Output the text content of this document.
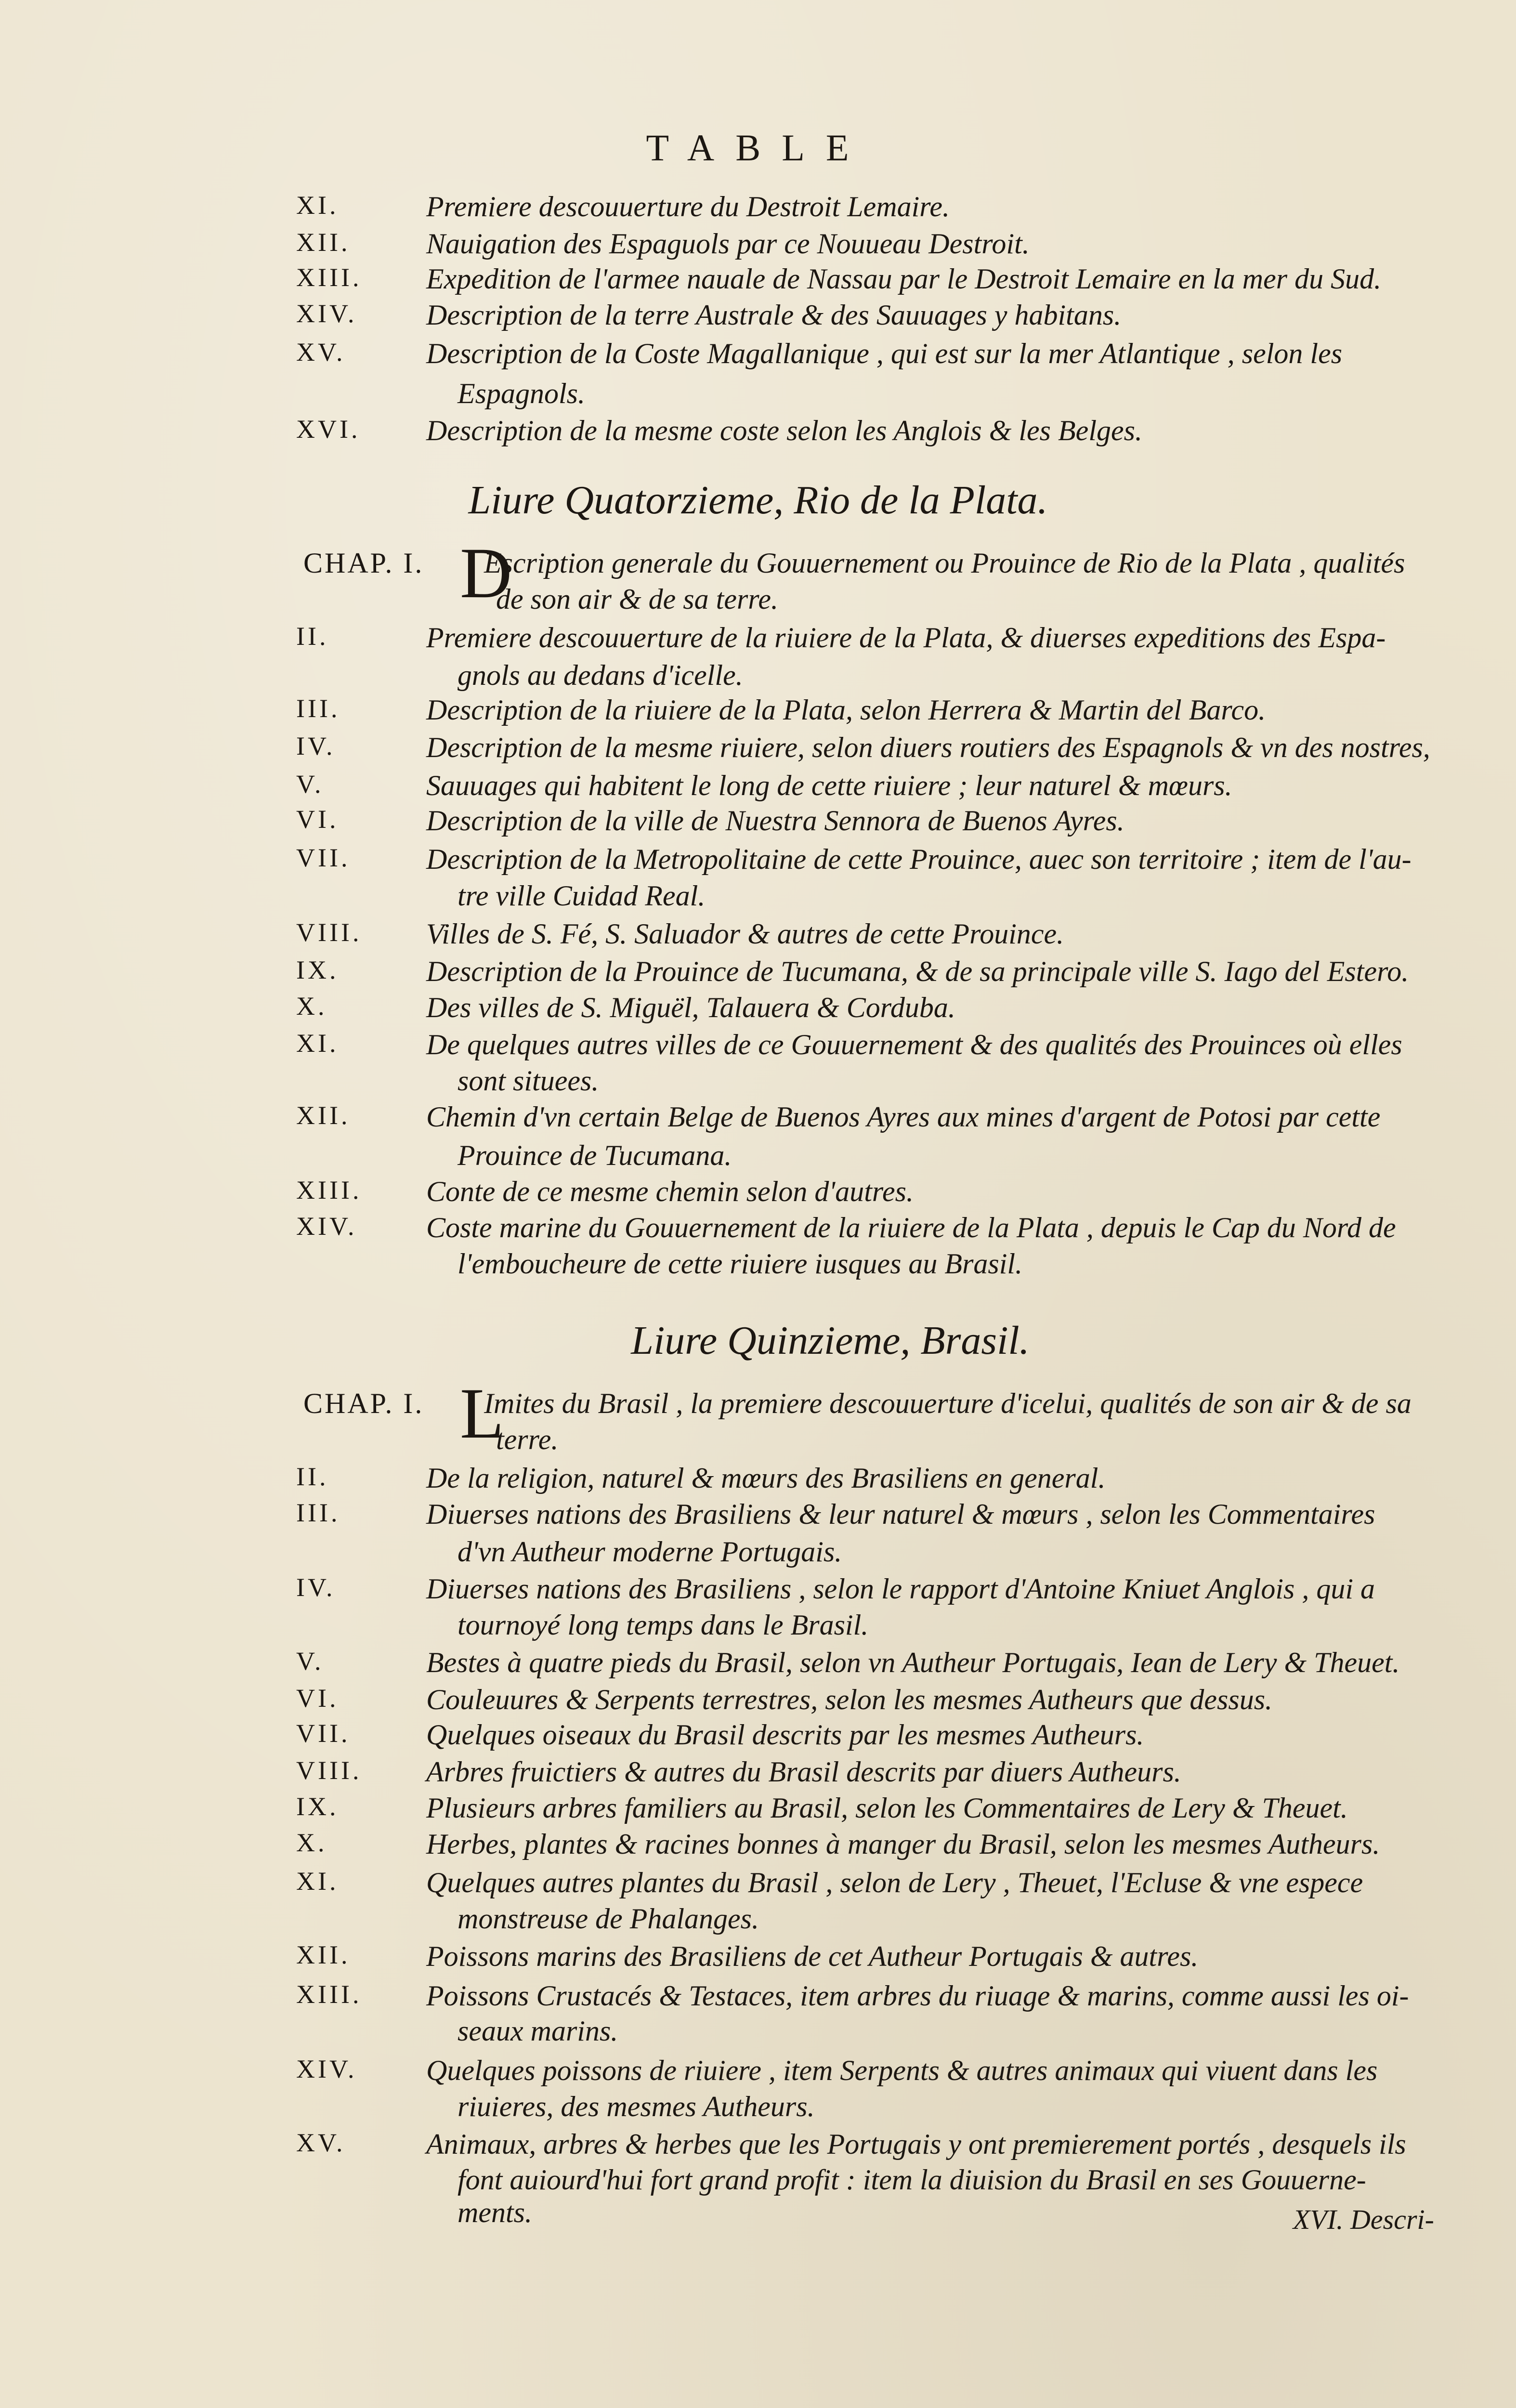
TABLE
XI.	Premiere descouuerture du Destroit Lemaire.
XII.	Nauigation des Espaguols par ce Nouueau Destroit.
XIII. Expedition de l'armee nauale de Nassau par le Destroit Lemaire en la mer du Sud.
XIV. Description de la terre Australe & des Sauuages y habitans.
XV.	Description de la Coste Magallanique , qui est sur la mer Atlantique , selon les
Espagnols.
XVI. Description de la mesme coste selon les Anglois & les Belges.
Liure Quatorzieme, Rio de la Plata.
CHAP. I. D
Escription generale du Gouuernement ou Prouince de Rio de la Plata , qualités
de son air & de sa terre.
II.	Premiere descouuerture de la riuiere de la Plata, & diuerses expeditions des Espa-
gnols au dedans d'icelle.
III.	Description de la riuiere de la Plata, selon Herrera & Martin del Barco.
IV.	Description de la mesme riuiere, selon diuers routiers des Espagnols & vn des nostres,
V.	Sauuages qui habitent le long de cette riuiere ; leur naturel & mœurs.
VI.	Description de la ville de Nuestra Sennora de Buenos Ayres.
VII.	Description de la Metropolitaine de cette Prouince, auec son territoire ; item de l'au-
tre ville Cuidad Real.
VIII. Villes de S. Fé, S. Saluador & autres de cette Prouince.
IX.	Description de la Prouince de Tucumana, & de sa principale ville S. Iago del Estero.
X.	Des villes de S. Miguël, Talauera & Corduba.
XI.	De quelques autres villes de ce Gouuernement & des qualités des Prouinces où elles
sont situees.
XII.	Chemin d'vn certain Belge de Buenos Ayres aux mines d'argent de Potosi par cette
Prouince de Tucumana.
XIII. Conte de ce mesme chemin selon d'autres.
XIV. Coste marine du Gouuernement de la riuiere de la Plata , depuis le Cap du Nord de
l'emboucheure de cette riuiere iusques au Brasil.
Liure Quinzieme, Brasil.
CHAP. I. L
Imites du Brasil , la premiere descouuerture d'icelui, qualités de son air & de sa
terre.
II.	De la religion, naturel & mœurs des Brasiliens en general.
III.	Diuerses nations des Brasiliens & leur naturel & mœurs , selon les Commentaires
d'vn Autheur moderne Portugais.
IV.	Diuerses nations des Brasiliens , selon le rapport d'Antoine Kniuet Anglois , qui a
tournoyé long temps dans le Brasil.
V.	Bestes à quatre pieds du Brasil, selon vn Autheur Portugais, Iean de Lery & Theuet.
VI.	Couleuures & Serpents terrestres, selon les mesmes Autheurs que dessus.
VII.	Quelques oiseaux du Brasil descrits par les mesmes Autheurs.
VIII. Arbres fruictiers & autres du Brasil descrits par diuers Autheurs.
IX.	Plusieurs arbres familiers au Brasil, selon les Commentaires de Lery & Theuet.
X.	Herbes, plantes & racines bonnes à manger du Brasil, selon les mesmes Autheurs.
XI.	Quelques autres plantes du Brasil , selon de Lery , Theuet, l'Ecluse & vne espece
monstreuse de Phalanges.
XII.	Poissons marins des Brasiliens de cet Autheur Portugais & autres.
XIII. Poissons Crustacés & Testaces, item arbres du riuage & marins, comme aussi les oi-
seaux marins.
XIV. Quelques poissons de riuiere , item Serpents & autres animaux qui viuent dans les
riuieres, des mesmes Autheurs.
XV.	Animaux, arbres & herbes que les Portugais y ont premierement portés , desquels ils
font auiourd'hui fort grand profit : item la diuision du Brasil en ses Gouuerne-
ments.	XVI. Descri-
